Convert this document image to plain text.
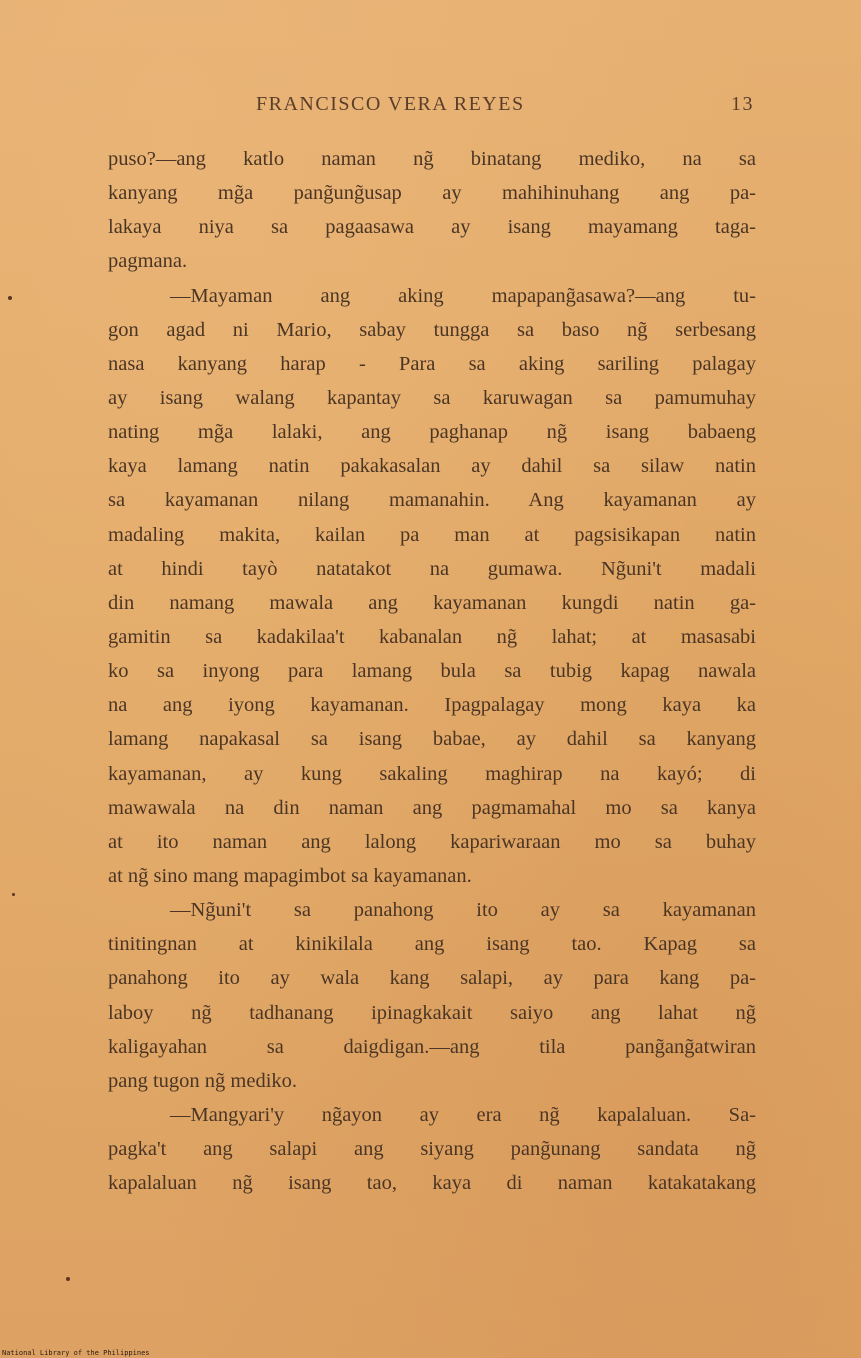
FRANCISCO VERA REYES	13
puso?—ang katlo naman ng̃ binatang mediko, na sa
kanyang mg̃a pang̃ung̃usap ay mahihinuhang ang pa-
lakaya niya sa pagaasawa ay isang mayamang taga-
pagmana.
—Mayaman ang aking mapapang̃asawa?—ang tu-
gon agad ni Mario, sabay tungga sa baso ng̃ serbesang
nasa kanyang harap - Para sa aking sariling palagay
ay isang walang kapantay sa karuwagan sa pamumuhay
nating mg̃a lalaki, ang paghanap ng̃ isang babaeng
kaya lamang natin pakakasalan ay dahil sa silaw natin
sa kayamanan nilang mamanahin. Ang kayamanan ay
madaling makita, kailan pa man at pagsisikapan natin
at hindi tayò natatakot na gumawa. Ng̃uni't madali
din namang mawala ang kayamanan kungdi natin ga-
gamitin sa kadakilaa't kabanalan ng̃ lahat; at masasabi
ko sa inyong para lamang bula sa tubig kapag nawala
na ang iyong kayamanan. Ipagpalagay mong kaya ka
lamang napakasal sa isang babae, ay dahil sa kanyang
kayamanan, ay kung sakaling maghirap na kayó; di
mawawala na din naman ang pagmamahal mo sa kanya
at ito naman ang lalong kapariwaraan mo sa buhay
at ng̃ sino mang mapagimbot sa kayamanan.
—Ng̃uni't sa panahong ito ay sa kayamanan
tinitingnan at kinikilala ang isang tao. Kapag sa
panahong ito ay wala kang salapi, ay para kang pa-
laboy ng̃ tadhanang ipinagkakait saiyo ang lahat ng̃
kaligayahan sa daigdigan.—ang tila pang̃ang̃atwiran
pang tugon ng̃ mediko.
—Mangyari'y ng̃ayon ay era ng̃ kapalaluan. Sa-
pagka't ang salapi ang siyang pang̃unang sandata ng̃
kapalaluan ng̃ isang tao, kaya di naman katakatakang
National Library of the Philippines
